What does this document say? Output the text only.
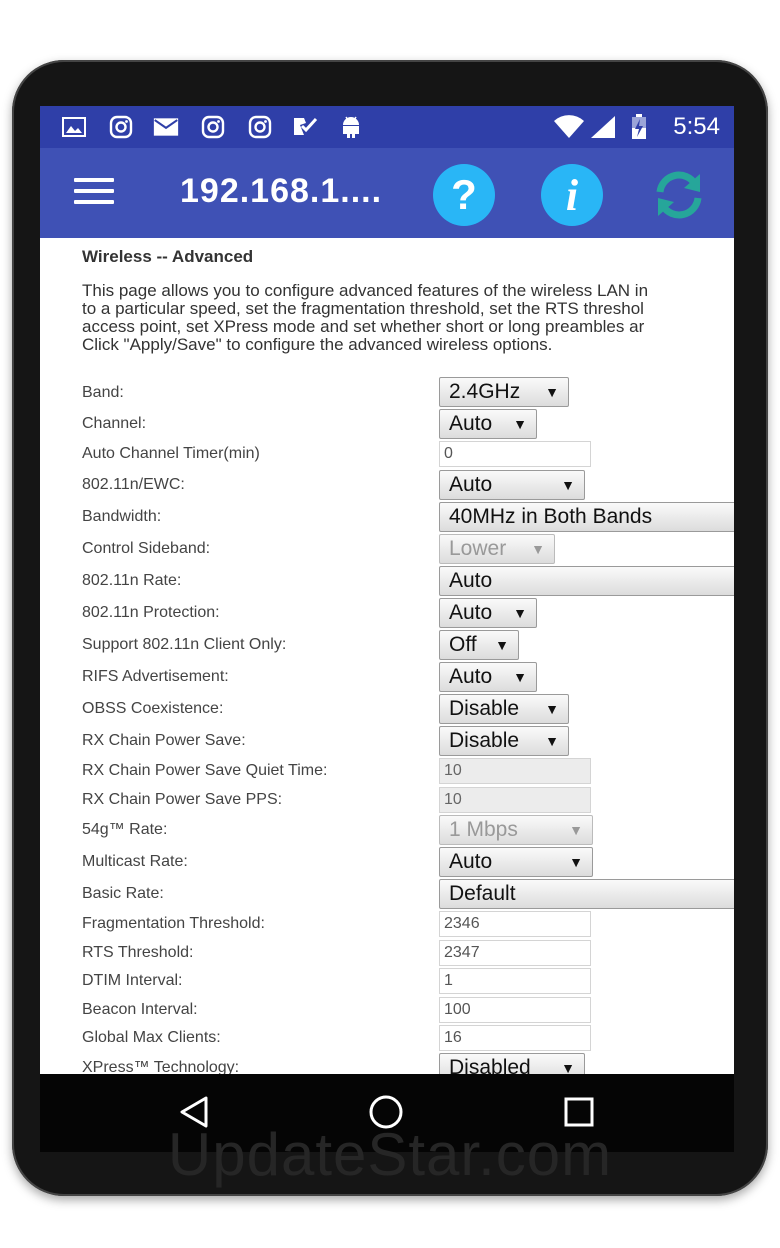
5:54
192.168.1....	?	i
Wireless -- Advanced
This page allows you to configure advanced features of the wireless LAN in
to a particular speed, set the fragmentation threshold, set the RTS threshol
access point, set XPress mode and set whether short or long preambles ar
Click "Apply/Save" to configure the advanced wireless options.
Band:	2.4GHz ▼
Channel:	Auto ▼
Auto Channel Timer(min)	0
802.11n/EWC:	Auto	▼
Bandwidth:	40MHz in Both Bands
Control Sideband:	Lower ▼
802.11n Rate:	Auto
802.11n Protection:	Auto ▼
Support 802.11n Client Only:	Off ▼
RIFS Advertisement:	Auto ▼
OBSS Coexistence:	Disable ▼
RX Chain Power Save:	Disable ▼
RX Chain Power Save Quiet Time:	10
RX Chain Power Save PPS:	10
54g™ Rate:	1 Mbps	▼
Multicast Rate:	Auto	▼
Basic Rate:	Default
Fragmentation Threshold:	2346
RTS Threshold:	2347
DTIM Interval:	1
Beacon Interval:	100
Global Max Clients:	16
XPress™ Technology:	Disabled ▼
UpdateStar.com
